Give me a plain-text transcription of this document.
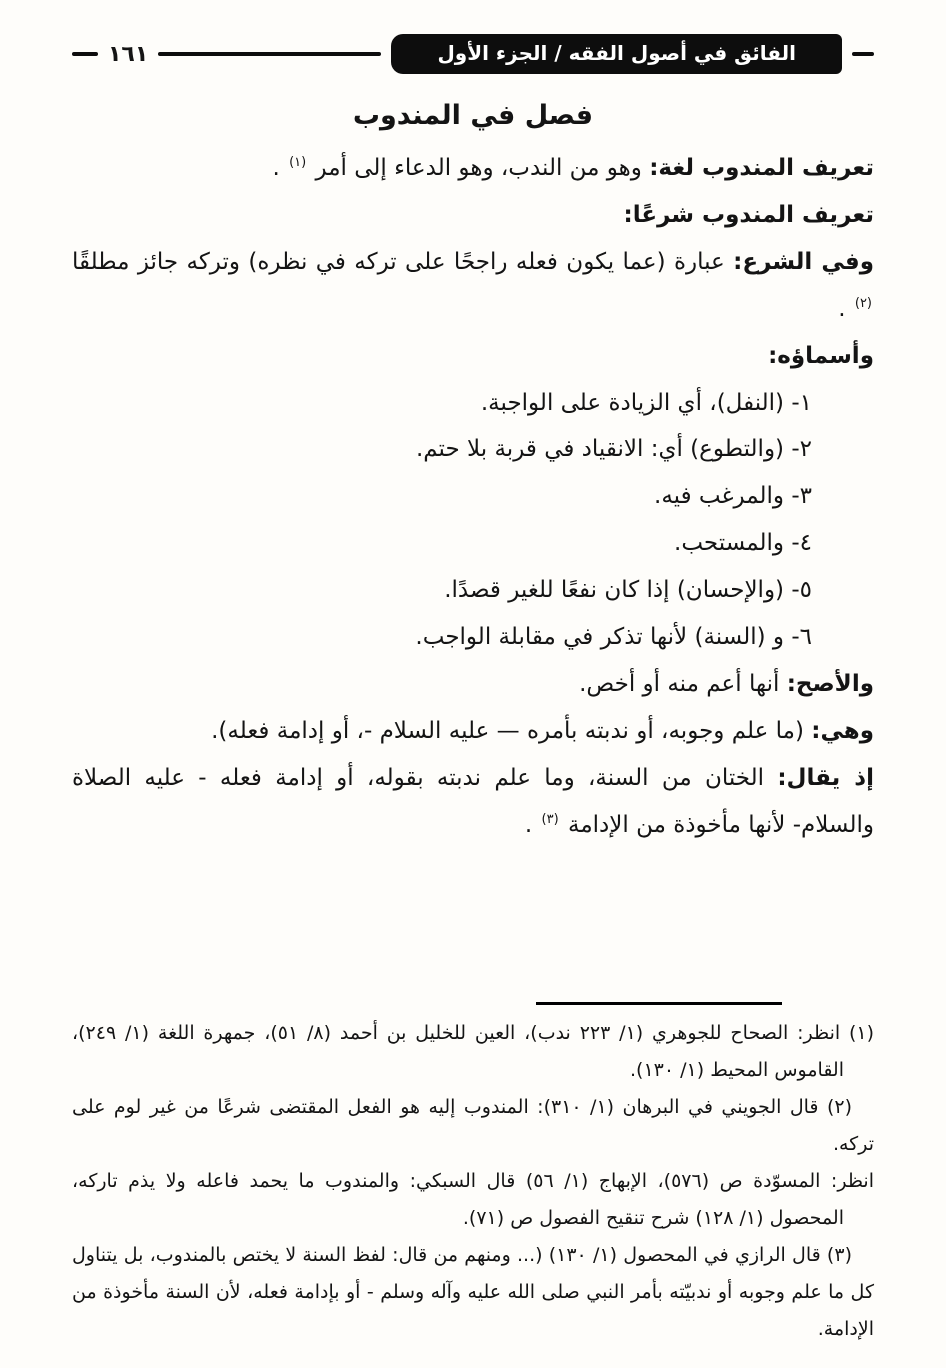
١٦١	الفائق في أصول الفقه / الجزء الأول
فصل في المندوب

تعريف المندوب لغة: وهو من الندب، وهو الدعاء إلى أمر $^{(١)}$ .

تعريف المندوب شرعًا:

وفي الشرع: عبارة (عما يكون فعله راجحًا على تركه في نظره) وتركه جائز مطلقًا $^{(٢)}$ .

وأسماؤه:

١- (النفل)، أي الزيادة على الواجبة.

٢- (والتطوع) أي: الانقياد في قربة بلا حتم.

٣- والمرغب فيه.

٤- والمستحب.

٥- (والإحسان) إذا كان نفعًا للغير قصدًا.

٦- و (السنة) لأنها تذكر في مقابلة الواجب.

والأصح: أنها أعم منه أو أخص.

وهي: (ما علم وجوبه، أو ندبته بأمره — عليه السلام -، أو إدامة فعله).

إذ يقال: الختان من السنة، وما علم ندبته بقوله، أو إدامة فعله - عليه الصلاة والسلام- لأنها مأخوذة من الإدامة $^{(٣)}$ .

(١) انظر: الصحاح للجوهري (١/ ٢٢٣ ندب)، العين للخليل بن أحمد (٨/ ٥١)، جمهرة اللغة (١/ ٢٤٩)، القاموس المحيط (١/ ١٣٠).

(٢) قال الجويني في البرهان (١/ ٣١٠): المندوب إليه هو الفعل المقتضى شرعًا من غير لوم على تركه.

انظر: المسوّدة ص (٥٧٦)، الإبهاج (١/ ٥٦) قال السبكي: والمندوب ما يحمد فاعله ولا يذم تاركه، المحصول (١/ ١٢٨) شرح تنقيح الفصول ص (٧١).

(٣) قال الرازي في المحصول (١/ ١٣٠) (... ومنهم من قال: لفظ السنة لا يختص بالمندوب، بل يتناول كل ما علم وجوبه أو ندبيّته بأمر النبي صلى الله عليه وآله وسلم - أو بإدامة فعله، لأن السنة مأخوذة من الإدامة.
